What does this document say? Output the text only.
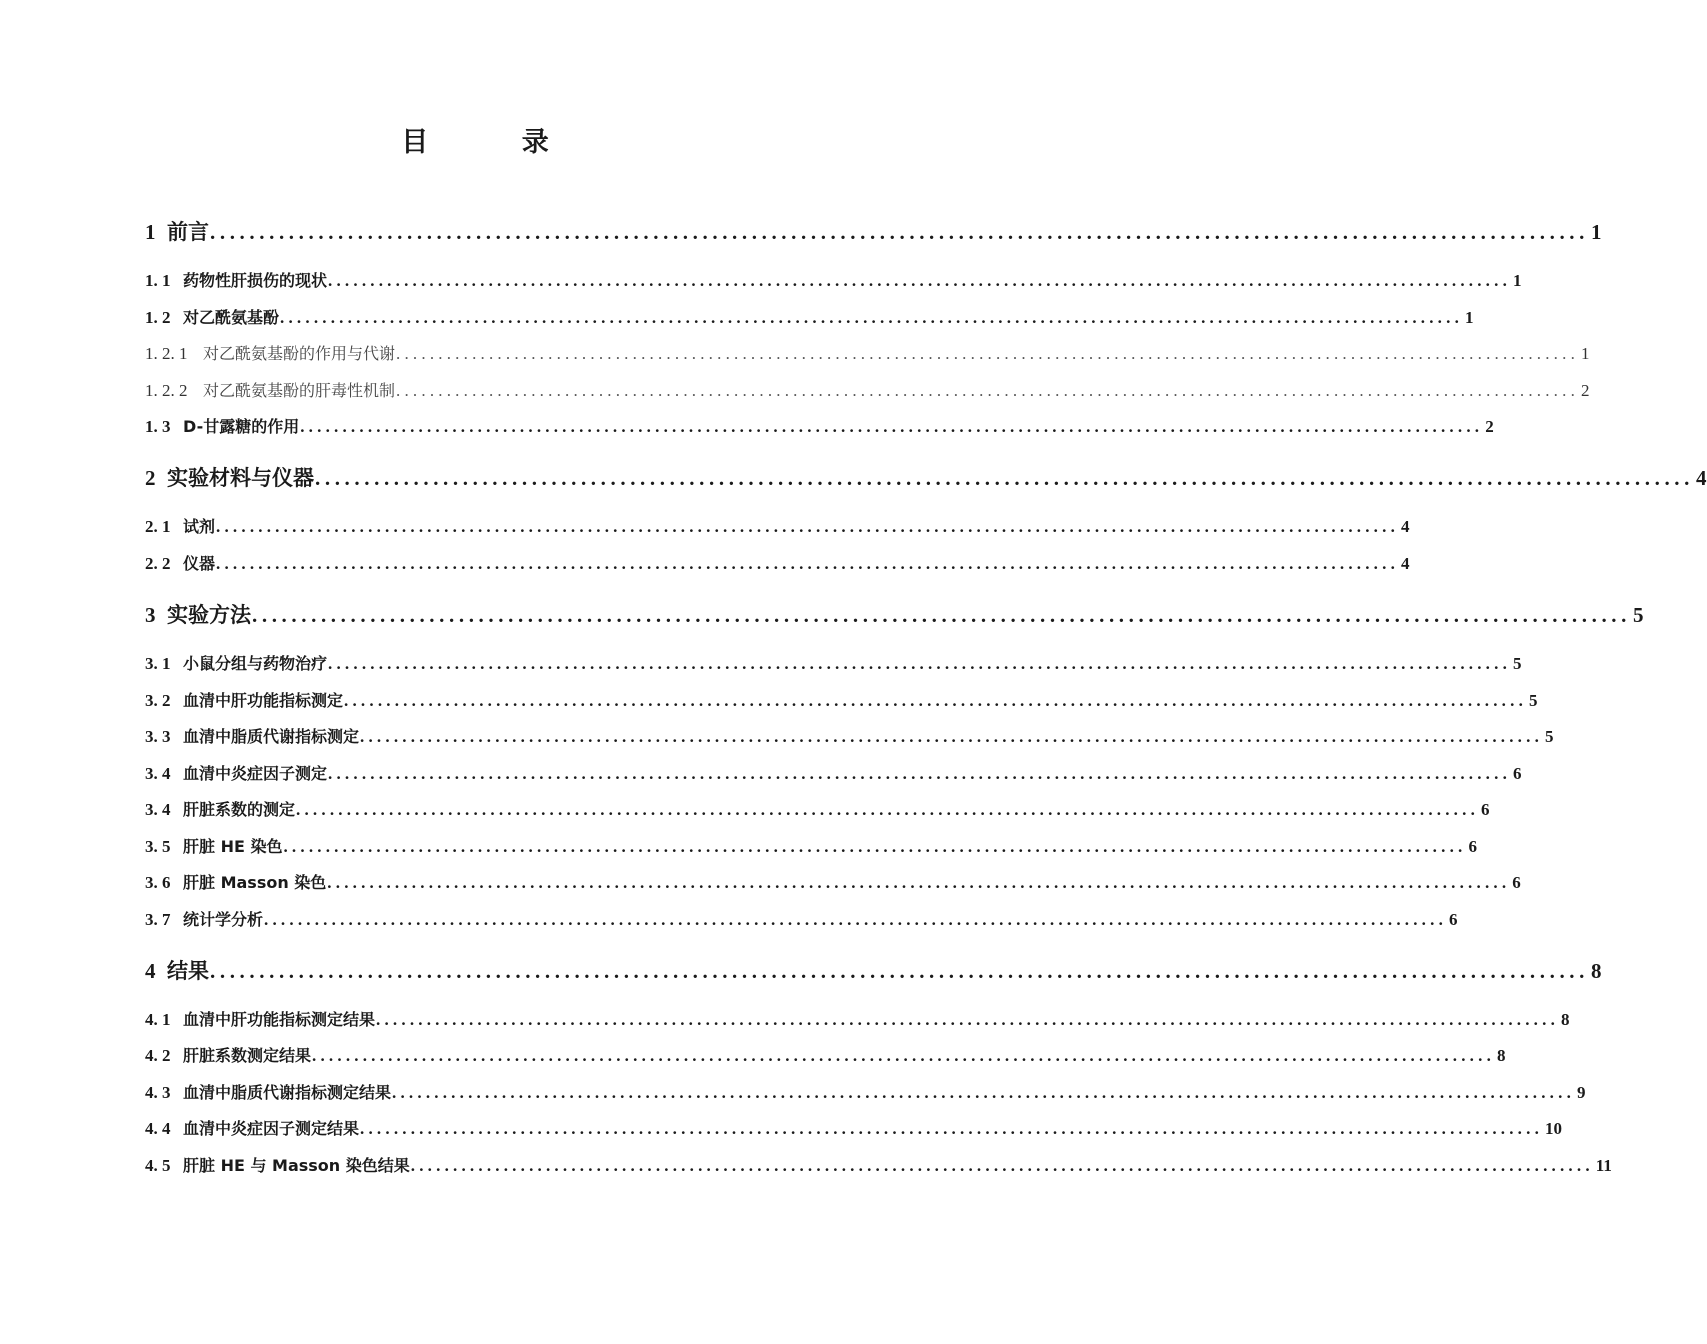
目 录
1 前言 ............................................................................................................................................ 1
1. 1 药物性肝损伤的现状 ............................................................................................................................................ 1
1. 2 对乙酰氨基酚 ............................................................................................................................................ 1
1. 2. 1 对乙酰氨基酚的作用与代谢 ............................................................................................................................................ 1
1. 2. 2 对乙酰氨基酚的肝毒性机制 ............................................................................................................................................ 2
1. 3 D-甘露糖的作用 ............................................................................................................................................ 2
2 实验材料与仪器 ............................................................................................................................................ 4
2. 1 试剂 ............................................................................................................................................ 4
2. 2 仪器 ............................................................................................................................................ 4
3 实验方法 ............................................................................................................................................ 5
3. 1 小鼠分组与药物治疗 ............................................................................................................................................ 5
3. 2 血清中肝功能指标测定 ............................................................................................................................................ 5
3. 3 血清中脂质代谢指标测定 ............................................................................................................................................ 5
3. 4 血清中炎症因子测定 ............................................................................................................................................ 6
3. 4 肝脏系数的测定 ............................................................................................................................................ 6
3. 5 肝脏 HE 染色 ............................................................................................................................................ 6
3. 6 肝脏 Masson 染色 ............................................................................................................................................ 6
3. 7 统计学分析 ............................................................................................................................................ 6
4 结果 ............................................................................................................................................ 8
4. 1 血清中肝功能指标测定结果 ............................................................................................................................................ 8
4. 2 肝脏系数测定结果 ............................................................................................................................................ 8
4. 3 血清中脂质代谢指标测定结果 ............................................................................................................................................ 9
4. 4 血清中炎症因子测定结果 ............................................................................................................................................ 10
4. 5 肝脏 HE 与 Masson 染色结果 ............................................................................................................................................ 11
